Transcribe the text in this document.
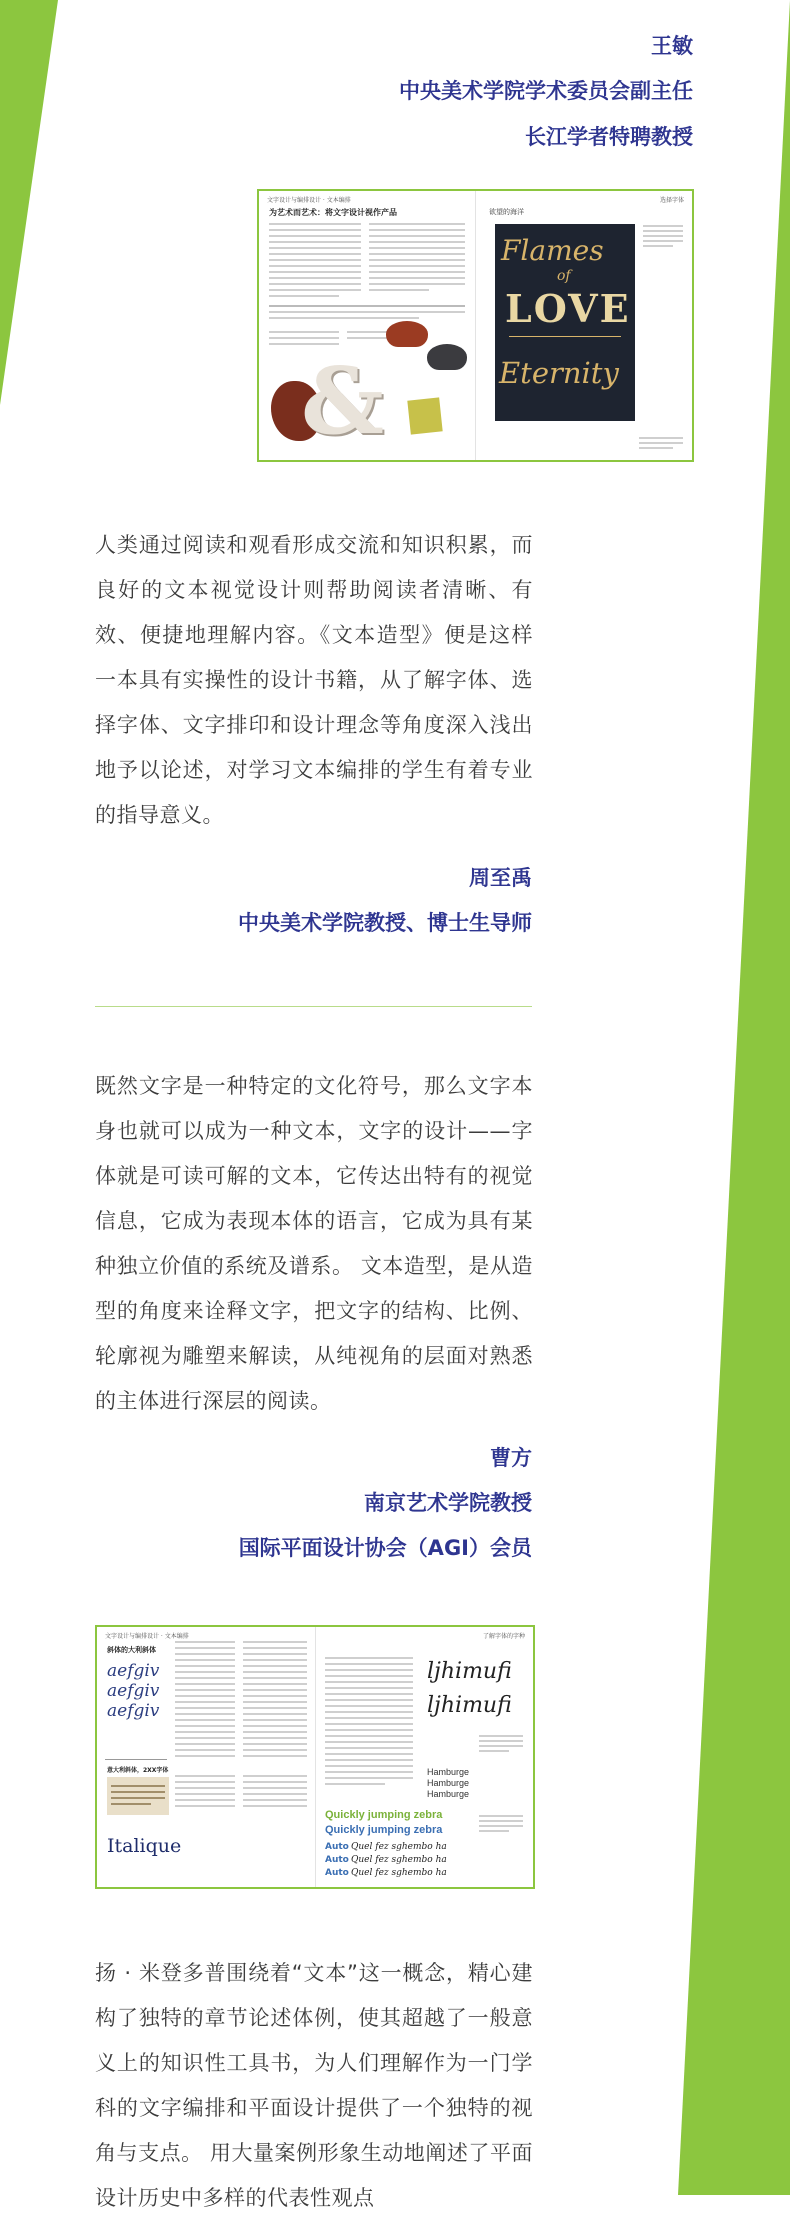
王敏
中央美术学院学术委员会副主任
长江学者特聘教授
文字设计与编排设计 · 文本编排	选择字体
为艺术而艺术：将文字设计视作产品
&
欲望的海洋
Flames
of
LOVE
Eternity
人类通过阅读和观看形成交流和知识积累，而良好的文本视觉设计则帮助阅读者清晰、有效、便捷地理解内容。《文本造型》便是这样一本具有实操性的设计书籍，从了解字体、选择字体、文字排印和设计理念等角度深入浅出地予以论述，对学习文本编排的学生有着专业的指导意义。
周至禹
中央美术学院教授、博士生导师
既然文字是一种特定的文化符号，那么文字本身也就可以成为一种文本，文字的设计——字体就是可读可解的文本，它传达出特有的视觉信息，它成为表现本体的语言，它成为具有某种独立价值的系统及谱系。 文本造型，是从造型的角度来诠释文字，把文字的结构、比例、轮廓视为雕塑来解读，从纯视角的层面对熟悉的主体进行深层的阅读。
曹方
南京艺术学院教授
国际平面设计协会（AGI）会员
文字设计与编排设计 · 文本编排	了解字体的字种
斜体的大利斜体
aefgiv
aefgiv
aefgiv
意大利斜体，2XX字体
Italique
ljhimufi
ljhimufi
Hamburge
Hamburge
Hamburge
Quickly jumping zebra
Quickly jumping zebra
Auto Quel fez sghembo ha
Auto Quel fez sghembo ha
Auto Quel fez sghembo ha
扬 · 米登多普围绕着“文本”这一概念，精心建构了独特的章节论述体例，使其超越了一般意义上的知识性工具书，为人们理解作为一门学科的文字编排和平面设计提供了一个独特的视角与支点。 用大量案例形象生动地阐述了平面设计历史中多样的代表性观点
